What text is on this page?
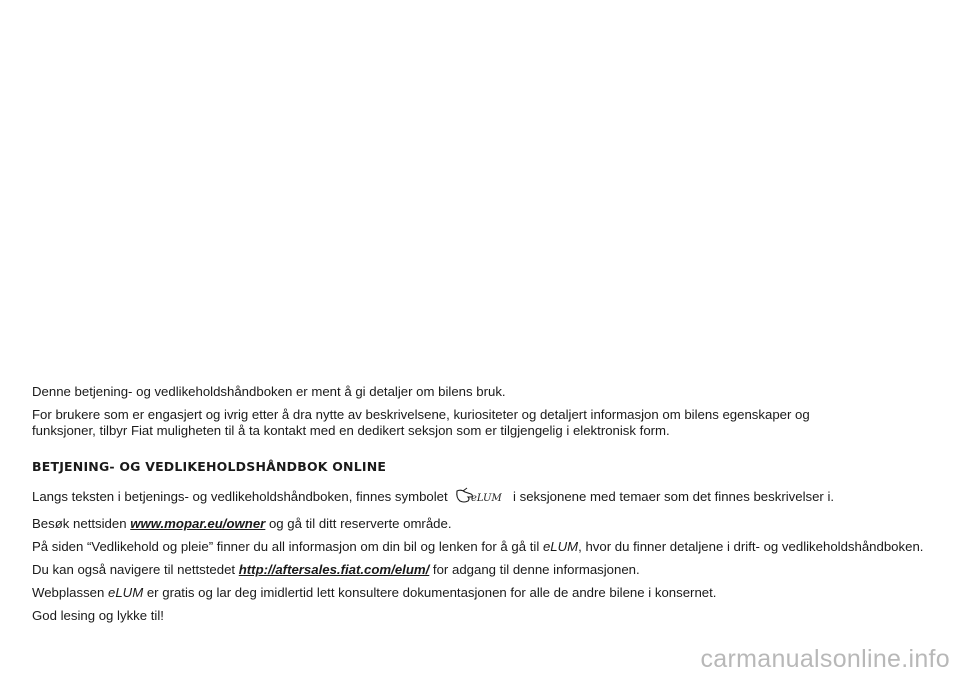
Denne betjening- og vedlikeholdshåndboken er ment å gi detaljer om bilens bruk.

For brukere som er engasjert og ivrig etter å dra nytte av beskrivelsene, kuriositeter og detaljert informasjon om bilens egenskaper og
funksjoner, tilbyr Fiat muligheten til å ta kontakt med en dedikert seksjon som er tilgjengelig i elektronisk form.

BETJENING- OG VEDLIKEHOLDSHÅNDBOK ONLINE

Langs teksten i betjenings- og vedlikeholdshåndboken, finnes symbolet eLUM i seksjonene med temaer som det finnes beskrivelser i.

Besøk nettsiden www.mopar.eu/owner og gå til ditt reserverte område.

På siden “Vedlikehold og pleie” finner du all informasjon om din bil og lenken for å gå til eLUM, hvor du finner detaljene i drift- og vedlikeholdshåndboken.

Du kan også navigere til nettstedet http://aftersales.fiat.com/elum/ for adgang til denne informasjonen.

Webplassen eLUM er gratis og lar deg imidlertid lett konsultere dokumentasjonen for alle de andre bilene i konsernet.

God lesing og lykke til!

carmanualsonline.info
